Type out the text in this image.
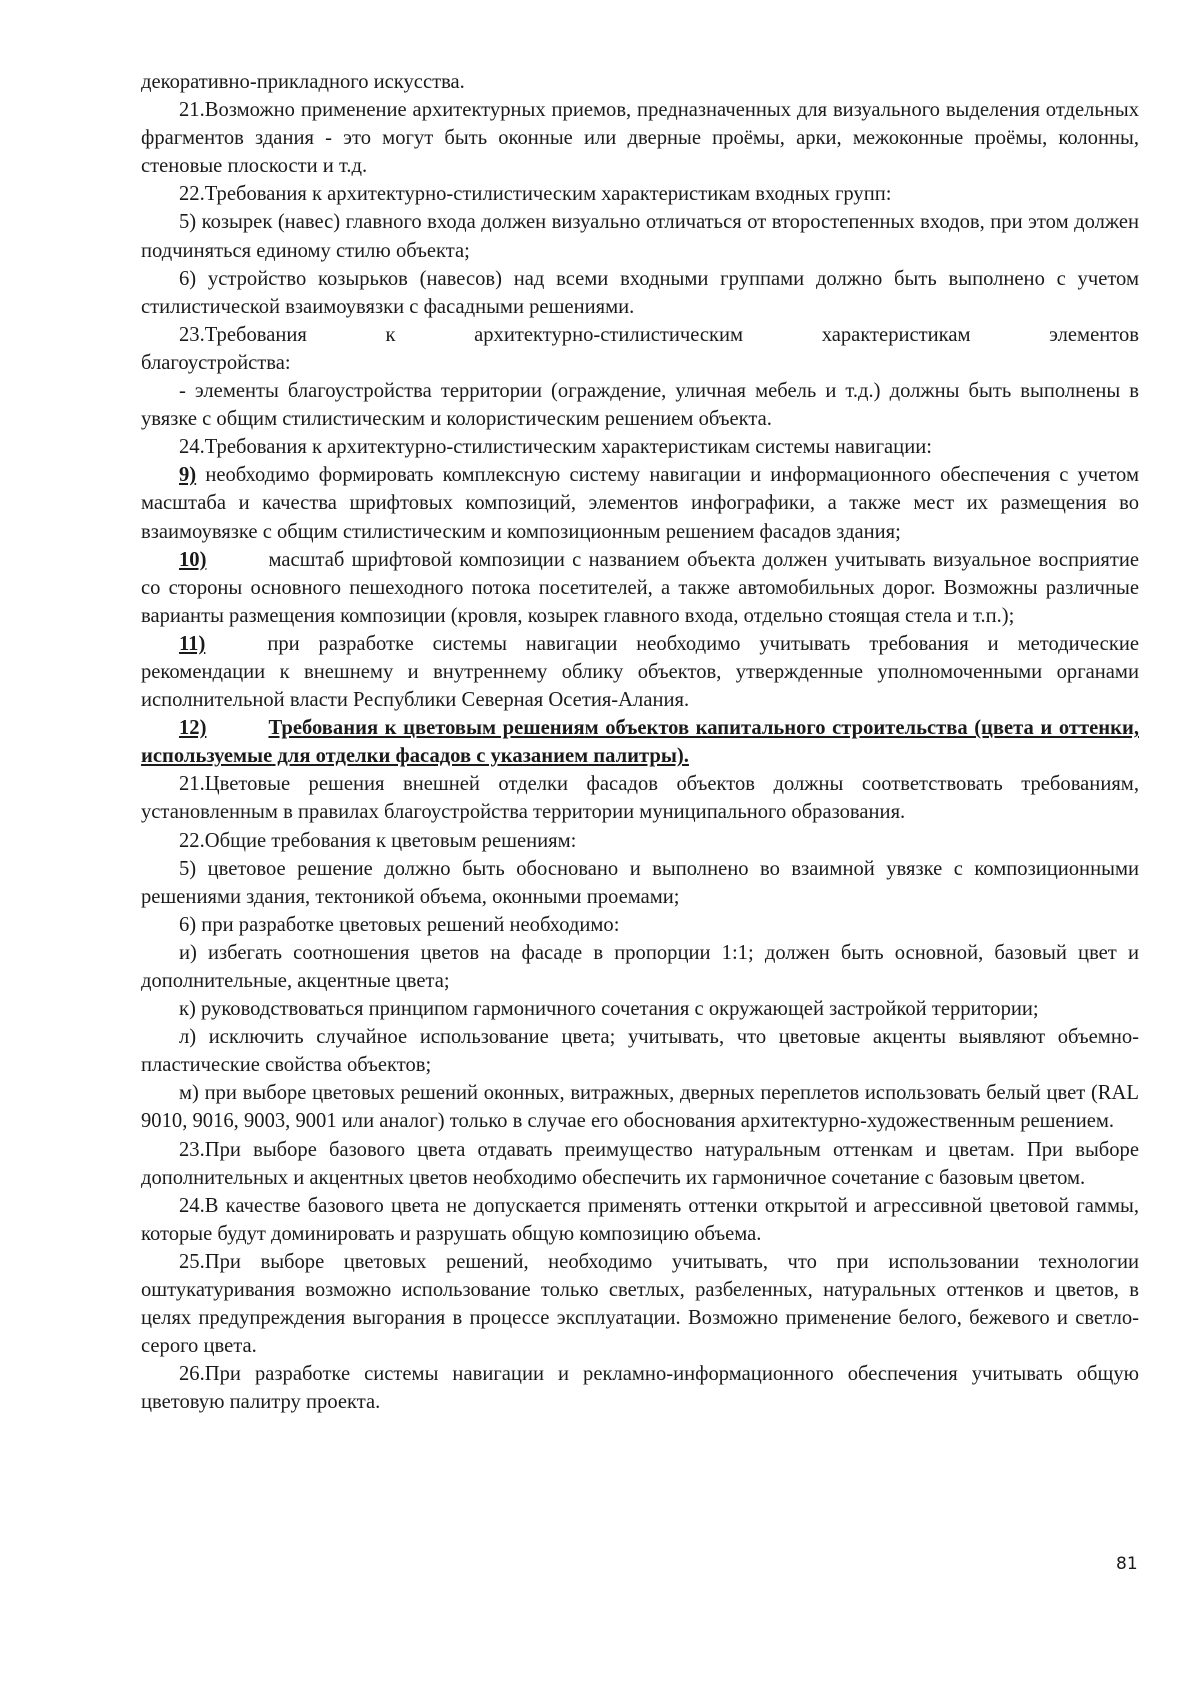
декоративно-прикладного искусства.

21.Возможно применение архитектурных приемов, предназначенных для визуального выделения отдельных фрагментов здания - это могут быть оконные или дверные проёмы, арки, межоконные проёмы, колонны, стеновые плоскости и т.д.

22.Требования к архитектурно-стилистическим характеристикам входных групп:

5) козырек (навес) главного входа должен визуально отличаться от второстепенных входов, при этом должен подчиняться единому стилю объекта;

6) устройство козырьков (навесов) над всеми входными группами должно быть выполнено с учетом стилистической взаимоувязки с фасадными решениями.

23.Требования	к	архитектурно-стилистическим	характеристикам	элементов

благоустройства:

- элементы благоустройства территории (ограждение, уличная мебель и т.д.) должны быть выполнены в увязке с общим стилистическим и колористическим решением объекта.

24.Требования к архитектурно-стилистическим характеристикам системы навигации:

9) необходимо формировать комплексную систему навигации и информационного обеспечения с учетом масштаба и качества шрифтовых композиций, элементов инфографики, а также мест их размещения во взаимоувязке с общим стилистическим и композиционным решением фасадов здания;

10)	масштаб шрифтовой композиции с названием объекта должен учитывать визуальное восприятие со стороны основного пешеходного потока посетителей, а также автомобильных дорог. Возможны различные варианты размещения композиции (кровля, козырек главного входа, отдельно стоящая стела и т.п.);

11)	при разработке системы навигации необходимо учитывать требования и методические рекомендации к внешнему и внутреннему облику объектов, утвержденные уполномоченными органами исполнительной власти Республики Северная Осетия-Алания.

12)	Требования к цветовым решениям объектов капитального строительства (цвета и оттенки, используемые для отделки фасадов с указанием палитры).

21.Цветовые решения внешней отделки фасадов объектов должны соответствовать требованиям, установленным в правилах благоустройства территории муниципального образования.

22.Общие требования к цветовым решениям:

5) цветовое решение должно быть обосновано и выполнено во взаимной увязке с композиционными решениями здания, тектоникой объема, оконными проемами;

6) при разработке цветовых решений необходимо:

и) избегать соотношения цветов на фасаде в пропорции 1:1; должен быть основной, базовый цвет и дополнительные, акцентные цвета;

к) руководствоваться принципом гармоничного сочетания с окружающей застройкой территории;

л) исключить случайное использование цвета; учитывать, что цветовые акценты выявляют объемно-пластические свойства объектов;

м) при выборе цветовых решений оконных, витражных, дверных переплетов использовать белый цвет (RAL 9010, 9016, 9003, 9001 или аналог) только в случае его обоснования архитектурно-художественным решением.

23.При выборе базового цвета отдавать преимущество натуральным оттенкам и цветам. При выборе дополнительных и акцентных цветов необходимо обеспечить их гармоничное сочетание с базовым цветом.

24.В качестве базового цвета не допускается применять оттенки открытой и агрессивной цветовой гаммы, которые будут доминировать и разрушать общую композицию объема.

25.При выборе цветовых решений, необходимо учитывать, что при использовании технологии оштукатуривания возможно использование только светлых, разбеленных, натуральных оттенков и цветов, в целях предупреждения выгорания в процессе эксплуатации. Возможно применение белого, бежевого и светло-серого цвета.

26.При разработке системы навигации и рекламно-информационного обеспечения учитывать общую цветовую палитру проекта.

81
